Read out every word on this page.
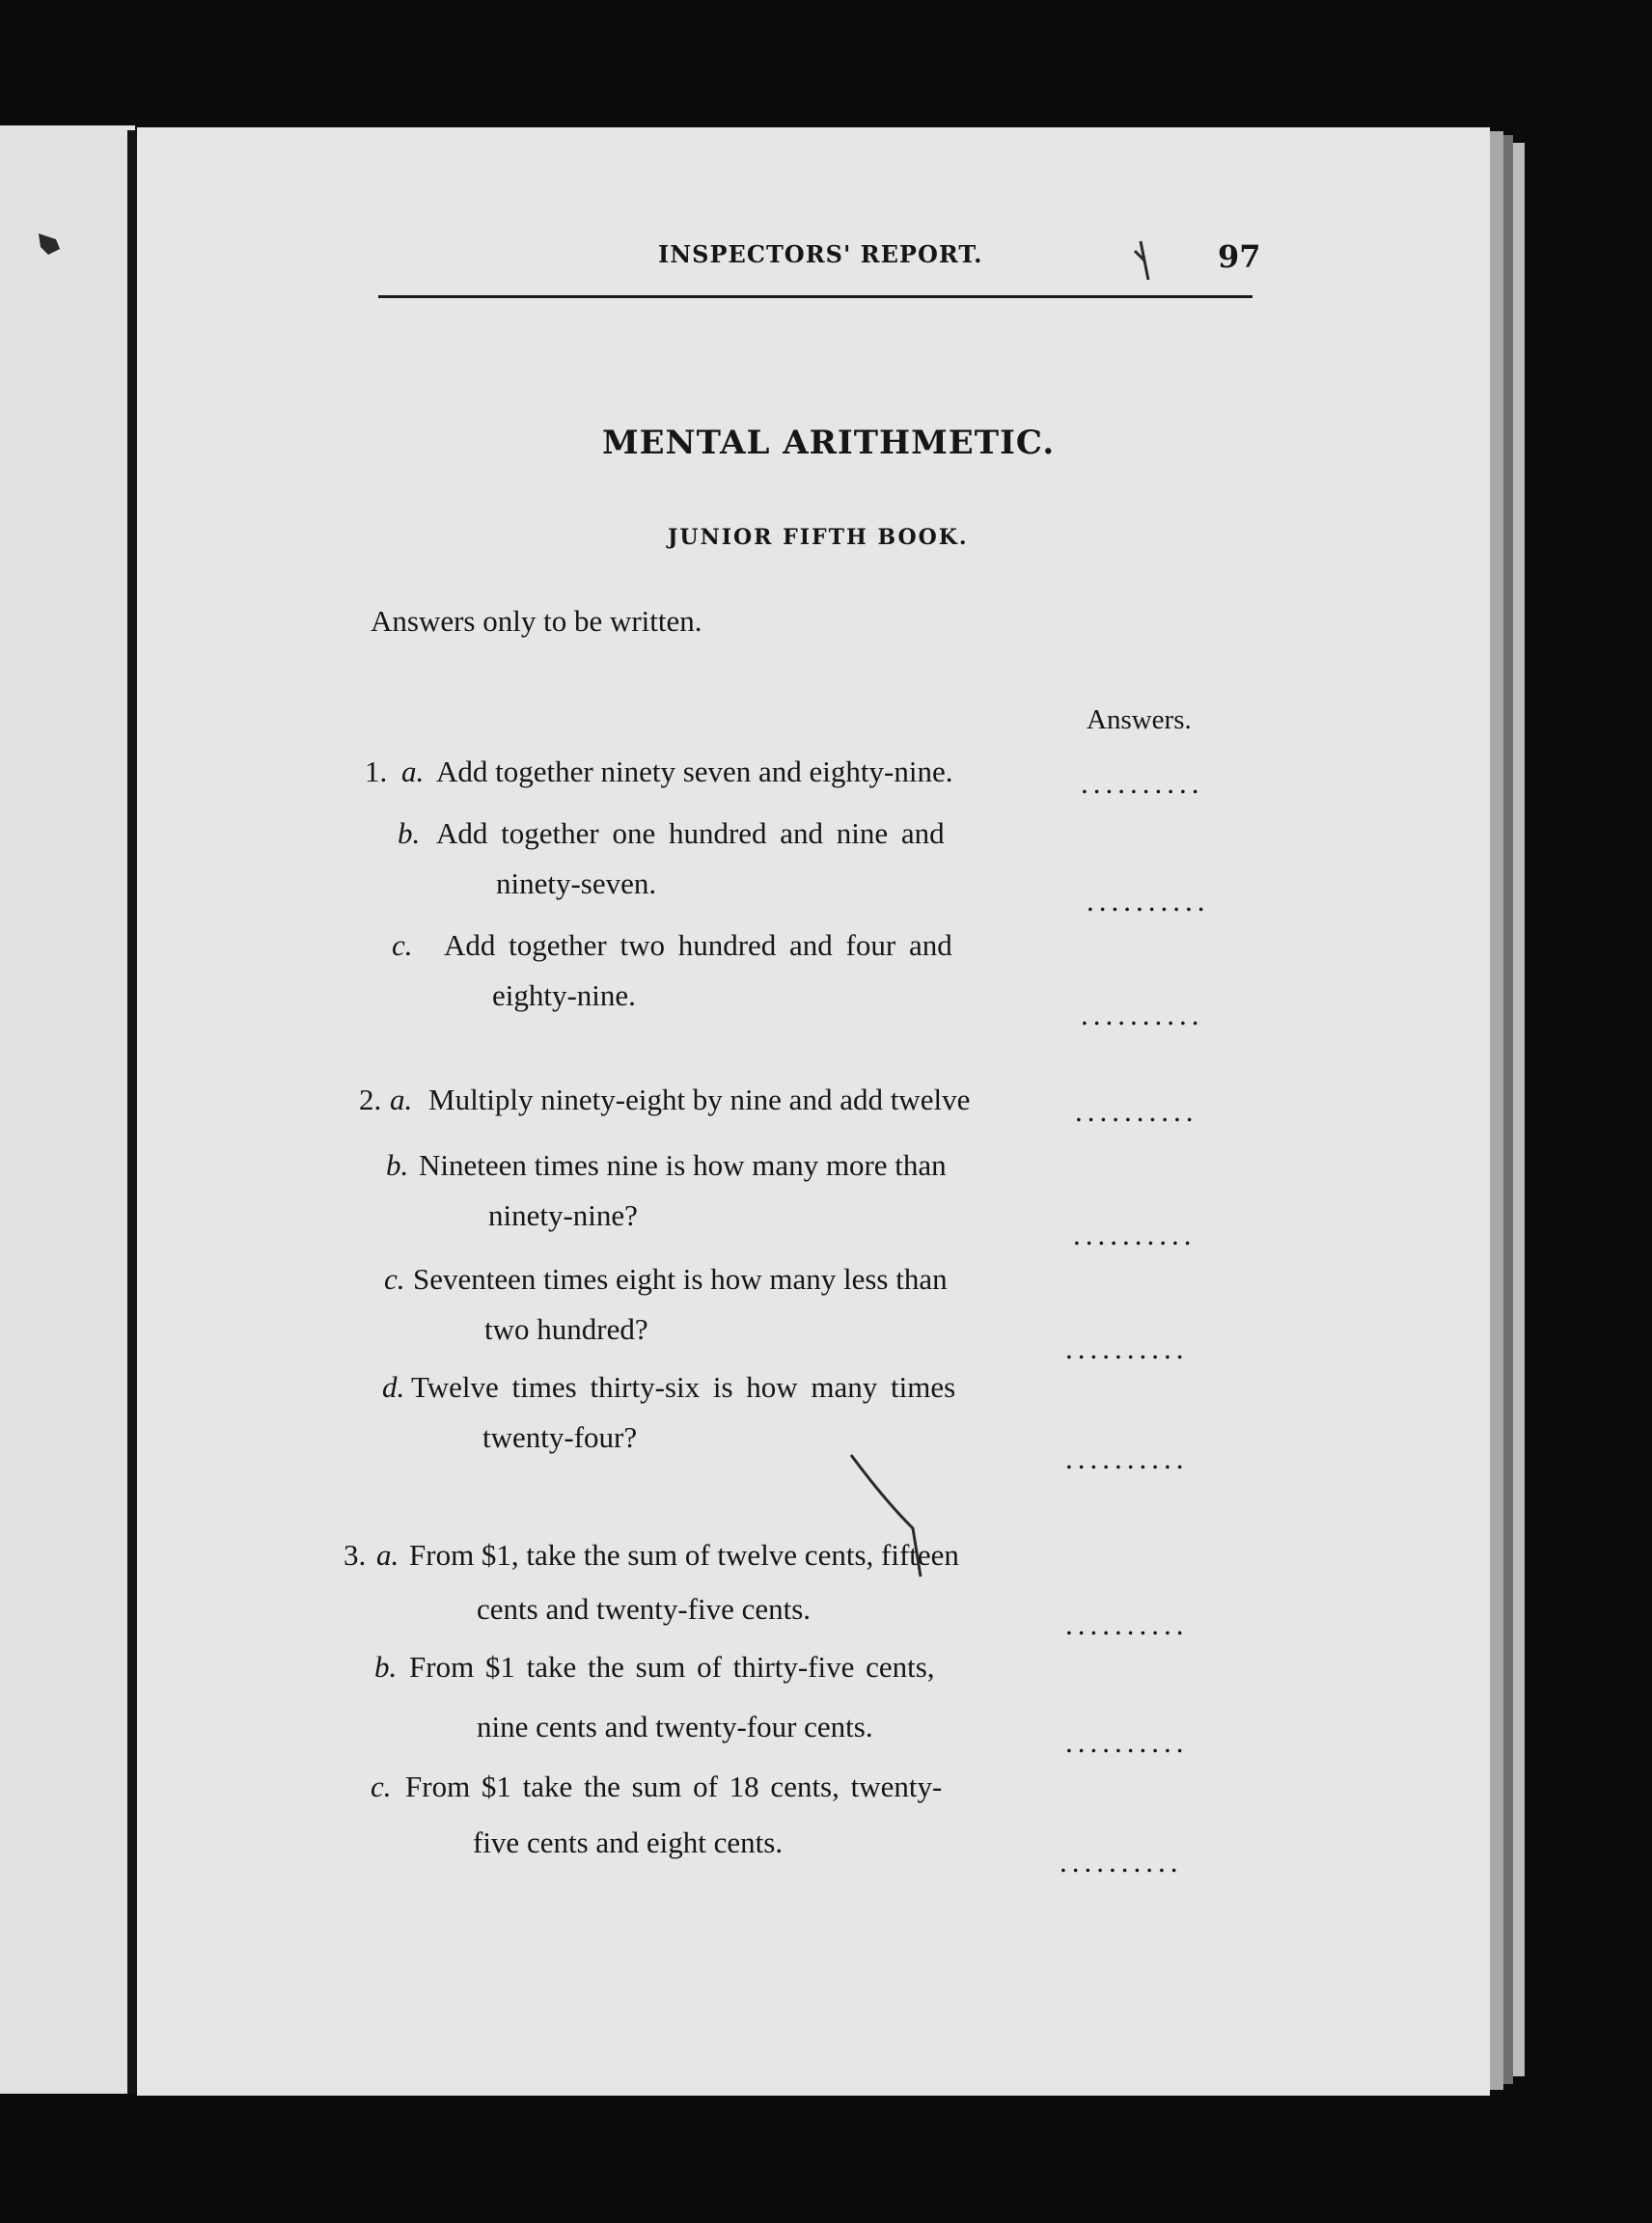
INSPECTORS' REPORT.	97
MENTAL ARITHMETIC.
JUNIOR FIFTH BOOK.
Answers only to be written.
Answers.
1. a. Add together ninety seven and eighty-nine.	..........
b. Add together one hundred and nine and
ninety-seven.
..........
c. Add together two hundred and four and
eighty-nine.
..........
2. a. Multiply ninety-eight by nine and add twelve	..........
b. Nineteen times nine is how many more than
ninety-nine?
..........
c. Seventeen times eight is how many less than
two hundred?
..........
d. Twelve times thirty-six is how many times
twenty-four?
..........
3. a. From $1, take the sum of twelve cents, fifteen
cents and twenty-five cents.	..........
b. From $1 take the sum of thirty-five cents,
nine cents and twenty-four cents.	..........
c. From $1 take the sum of 18 cents, twenty-
five cents and eight cents.
..........
